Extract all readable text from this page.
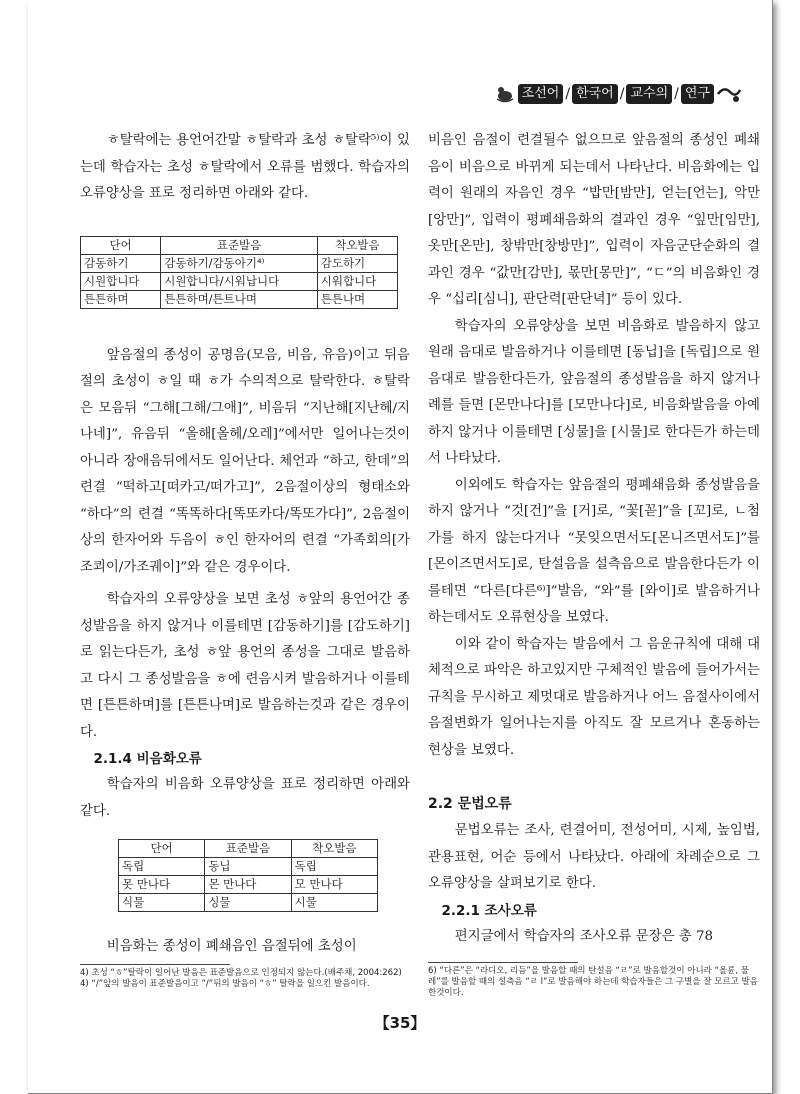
조선어 / 한국어 / 교수의 / 연구

ㅎ탈락에는 용언어간말 ㅎ탈락과 초성 ㅎ탈락⁵⁾이 있는데 학습자는 초성 ㅎ탈락에서 오류를 범했다. 학습자의 오류양상을 표로 정리하면 아래와 같다.

단어	표준발음	착오발음
감동하기	감동하기/감동아기⁴⁾	감도하기
시원합니다	시원합니다/시워납니다	시워합니다
튼튼하며	튼튼하며/튼트나며	튼튼나며

앞음절의 종성이 공명음(모음, 비음, 유음)이고 뒤음절의 초성이 ㅎ일 때 ㅎ가 수의적으로 탈락한다. ㅎ탈락은 모음뒤 “그해[그해/그애]”, 비음뒤 “지난해[지난헤/지나네]”, 유음뒤 “올해[올헤/오레]”에서만 일어나는것이 아니라 장애음뒤에서도 일어난다. 체언과 “하고, 한데”의 련결 “떡하고[떠카고/떠가고]”, 2음절이상의 형태소와 “하다”의 련결 “똑똑하다[똑또카다/똑또가다]”, 2음절이상의 한자어와 두음이 ㅎ인 한자어의 련결 “가족회의[가조쾨이/가조궤이]”와 같은 경우이다.

학습자의 오류양상을 보면 초성 ㅎ앞의 용언어간 종성발음을 하지 않거나 이를테면 [감동하기]를 [감도하기]로 읽는다든가, 초성 ㅎ앞 용언의 종성을 그대로 발음하고 다시 그 종성발음을 ㅎ에 련음시켜 발음하거나 이를테면 [튼튼하며]를 [튼튼나며]로 발음하는것과 같은 경우이다.

2.1.4 비음화오류

학습자의 비음화 오류양상을 표로 정리하면 아래와 같다.

단어	표준발음	착오발음
독립	동닙	독립
못 만나다	몬 만나다	모 만나다
식물	싱물	시물

비음화는 종성이 폐쇄음인 음절뒤에 초성이

비음인 음절이 련결될수 없으므로 앞음절의 종성인 폐쇄음이 비음으로 바뀌게 되는데서 나타난다. 비음화에는 입력이 원래의 자음인 경우 “밥만[밤만], 얻는[언는], 악만[앙만]”, 입력이 평폐쇄음화의 결과인 경우 “잎만[임만], 옷만[온만], 창밖만[창방만]”, 입력이 자음군단순화의 결과인 경우 “값만[감만], 몫만[몽만]”, “ㄷ”의 비음화인 경우 “십리[심니], 판단력[판단녁]” 등이 있다.

학습자의 오류양상을 보면 비음화로 발음하지 않고 원래 음대로 발음하거나 이를테면 [동닙]을 [독립]으로 원음대로 발음한다든가, 앞음절의 종성발음을 하지 않거나 례를 들면 [몬만나다]를 [모만나다]로, 비음화발음을 아예 하지 않거나 이를테면 [싱물]을 [시물]로 한다든가 하는데서 나타났다.

이외에도 학습자는 앞음절의 평폐쇄음화 종성발음을 하지 않거나 “것[건]”을 [거]로, “꽃[꼳]”을 [꼬]로, ㄴ첨가를 하지 않는다거나 “못잊으면서도[몬니즈면서도]”를 [몬이즈면서도]로, 탄설음을 설측음으로 발음한다든가 이를테면 “다른[다른⁶⁾]”발음, “와”를 [와이]로 발음하거나 하는데서도 오류현상을 보였다.

이와 같이 학습자는 발음에서 그 음운규칙에 대해 대체적으로 파악은 하고있지만 구체적인 발음에 들어가서는 규칙을 무시하고 제멋대로 발음하거나 어느 음절사이에서 음절변화가 일어나는지를 아직도 잘 모르거나 혼동하는 현상을 보였다.

2.2 문법오류

문법오류는 조사, 련결어미, 전성어미, 시제, 높임법, 관용표현, 어순 등에서 나타났다. 아래에 차례순으로 그 오류양상을 살펴보기로 한다.

2.2.1 조사오류

편지글에서 학습자의 조사오류 문장은 총 78

4) 초성 “ㅎ”탈락이 일어난 발음은 표준발음으로 인정되지 않는다.(배주채, 2004:262)

4) “/”앞의 발음이 표준발음이고 “/”뒤의 발음이 “ㅎ” 탈락을 일으킨 발음이다.

6) “다른”은 “라디오, 리듬”을 발음할 때의 탄설음 “ㄹ”로 발음할것이 아니라 “올륜, 물레”를 발음할 때의 설측음 “ㄹ l”로 발음해야 하는데 학습자들은 그 구별을 잘 모르고 발음한것이다.

【35】
